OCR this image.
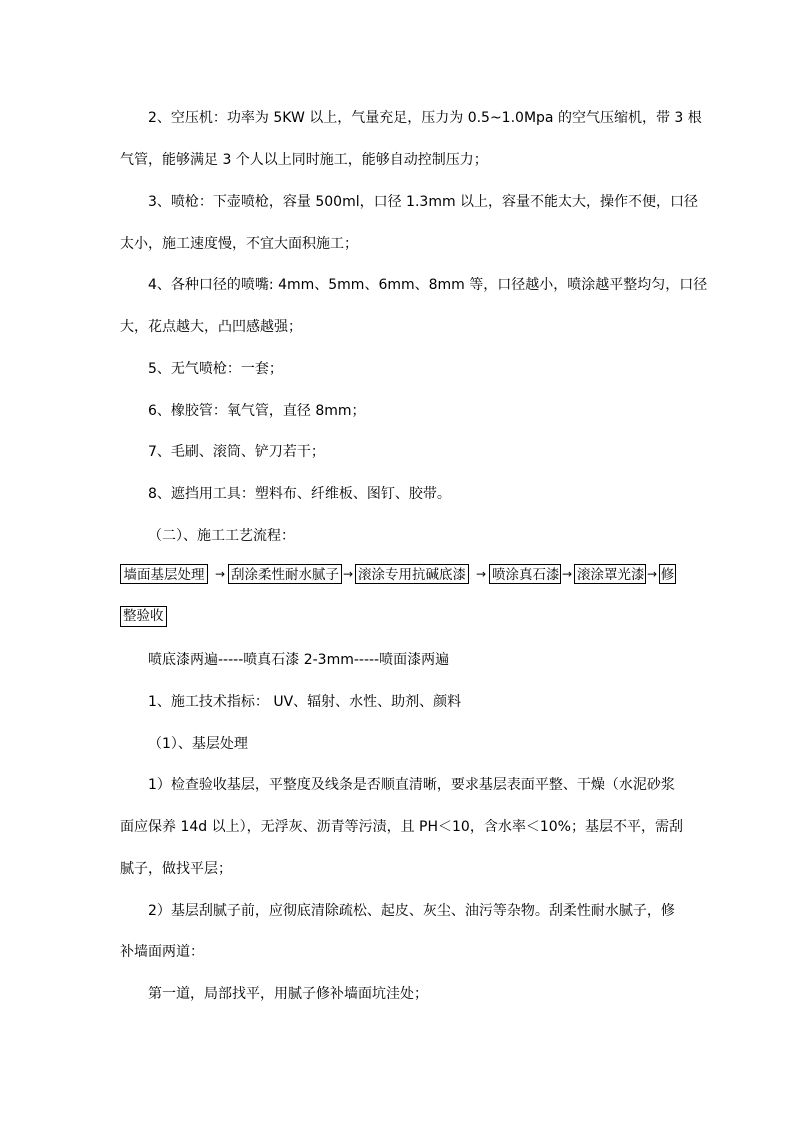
2、空压机：功率为 5KW 以上，气量充足，压力为 0.5~1.0Mpa 的空气压缩机，带 3 根

气管，能够满足 3 个人以上同时施工，能够自动控制压力；

3、喷枪：下壶喷枪，容量 500ml，口径 1.3mm 以上，容量不能太大，操作不便，口径

太小，施工速度慢，不宜大面积施工；

4、各种口径的喷嘴: 4mm、5mm、6mm、8mm 等，口径越小，喷涂越平整均匀，口径

大，花点越大，凸凹感越强；

5、无气喷枪：一套；

6、橡胶管：氧气管，直径 8mm；

7、毛刷、滚筒、铲刀若干；

8、遮挡用工具：塑料布、纤维板、图钉、胶带。

（二）、施工工艺流程：

墙面基层处理 → 刮涂柔性耐水腻子 → 滚涂专用抗碱底漆 → 喷涂真石漆 → 滚涂罩光漆 → 修
整验收

喷底漆两遍-----喷真石漆 2-3mm-----喷面漆两遍

1、施工技术指标： UV、辐射、水性、助剂、颜料

（1）、基层处理

1）检查验收基层，平整度及线条是否顺直清晰，要求基层表面平整、干燥（水泥砂浆

面应保养 14d 以上），无浮灰、沥青等污渍，且 PH＜10，含水率＜10%；基层不平，需刮

腻子，做找平层；

2）基层刮腻子前，应彻底清除疏松、起皮、灰尘、油污等杂物。刮柔性耐水腻子，修

补墙面两道：

第一道，局部找平，用腻子修补墙面坑洼处；
